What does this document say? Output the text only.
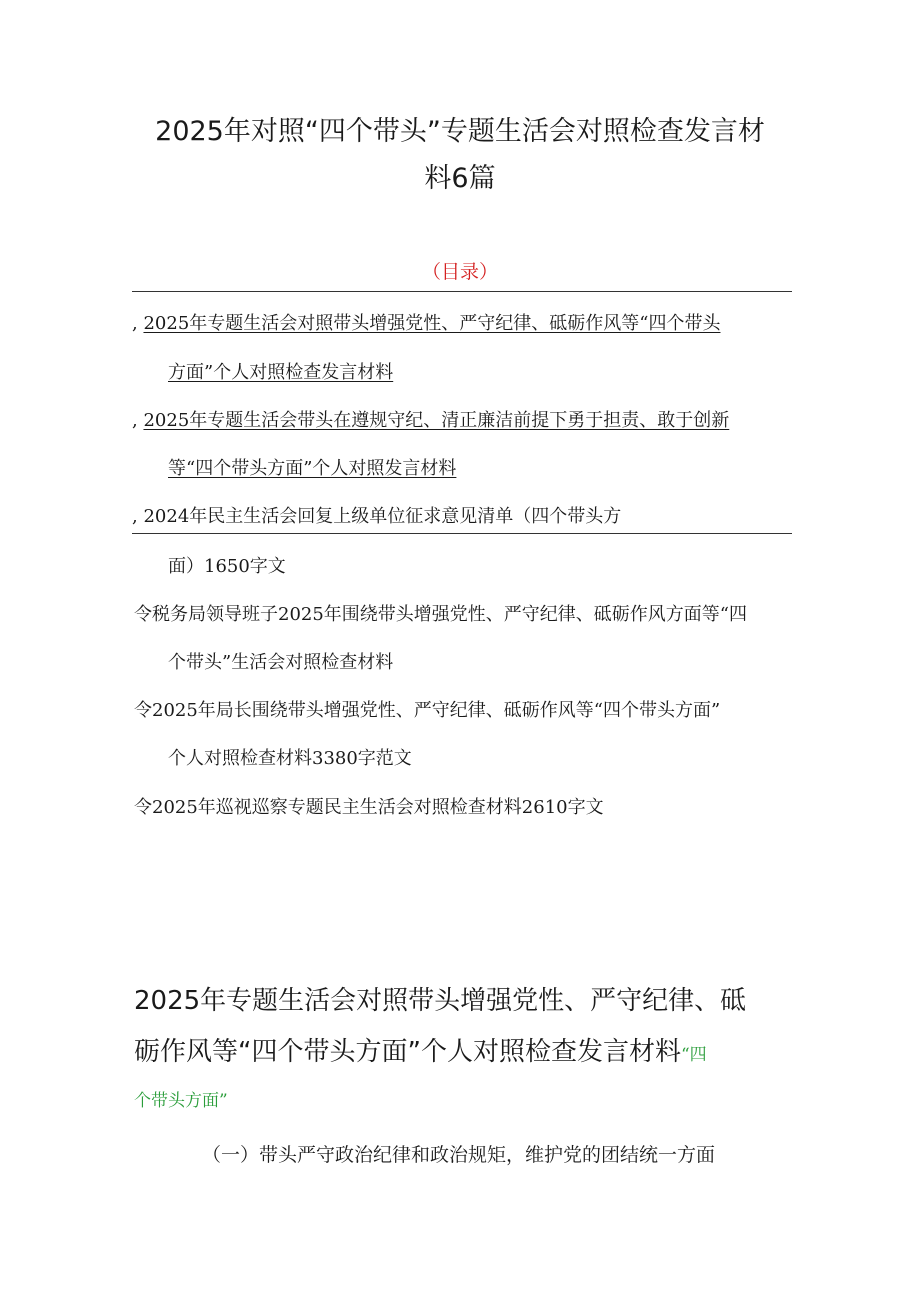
2025年对照“四个带头”专题生活会对照检查发言材
料6篇
（目录）
, 2025年专题生活会对照带头增强党性、严守纪律、砥砺作风等“四个带头
方面”个人对照检查发言材料
, 2025年专题生活会带头在遵规守纪、清正廉洁前提下勇于担责、敢于创新
等“四个带头方面”个人对照发言材料
, 2024年民主生活会回复上级单位征求意见清单（四个带头方
面）1650字文
令税务局领导班子2025年围绕带头增强党性、严守纪律、砥砺作风方面等“四
个带头”生活会对照检查材料
令2025年局长围绕带头增强党性、严守纪律、砥砺作风等“四个带头方面”
个人对照检查材料3380字范文
令2025年巡视巡察专题民主生活会对照检查材料2610字文
2025年专题生活会对照带头增强党性、严守纪律、砥
砺作风等“四个带头方面”个人对照检查发言材料“四
个带头方面”
（一）带头严守政治纪律和政治规矩，维护党的团结统一方面
